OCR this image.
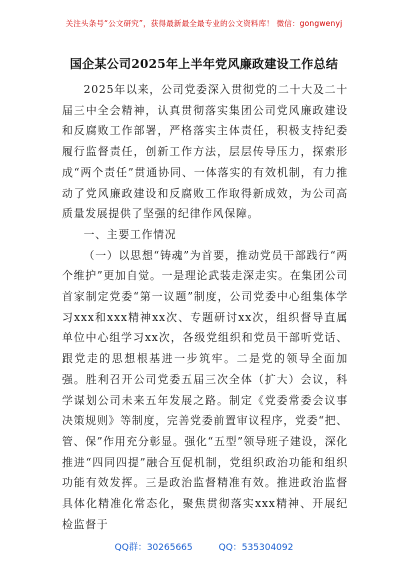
关注头条号“公文研究”，获得最新最全最专业的公文资料库！ 微信：gongwenyj
国企某公司2025年上半年党风廉政建设工作总结

2025年以来，公司党委深入贯彻党的二十大及二十届三中全会精神，认真贯彻落实集团公司党风廉政建设和反腐败工作部署，严格落实主体责任，积极支持纪委履行监督责任，创新工作方法，层层传导压力，探索形成“两个责任”贯通协同、一体落实的有效机制，有力推动了党风廉政建设和反腐败工作取得新成效，为公司高质量发展提供了坚强的纪律作风保障。

一、主要工作情况

（一）以思想“铸魂”为首要，推动党员干部践行“两个维护”更加自觉。一是理论武装走深走实。在集团公司首家制定党委“第一议题”制度，公司党委中心组集体学习xxx和xxx精神xx次、专题研讨xx次，组织督导直属单位中心组学习xx次，各级党组织和党员干部听党话、跟党走的思想根基进一步筑牢。二是党的领导全面加强。胜利召开公司党委五届三次全体（扩大）会议，科学谋划公司未来五年发展之路。制定《党委常委会议事决策规则》等制度，完善党委前置审议程序，党委“把、管、保”作用充分彰显。强化“五型”领导班子建设，深化推进“四同四提”融合互促机制，党组织政治功能和组织功能有效发挥。三是政治监督精准有效。推进政治监督具体化精准化常态化，聚焦贯彻落实xxx精神、开展纪检监督于

QQ群：30265665	QQ：535304092
